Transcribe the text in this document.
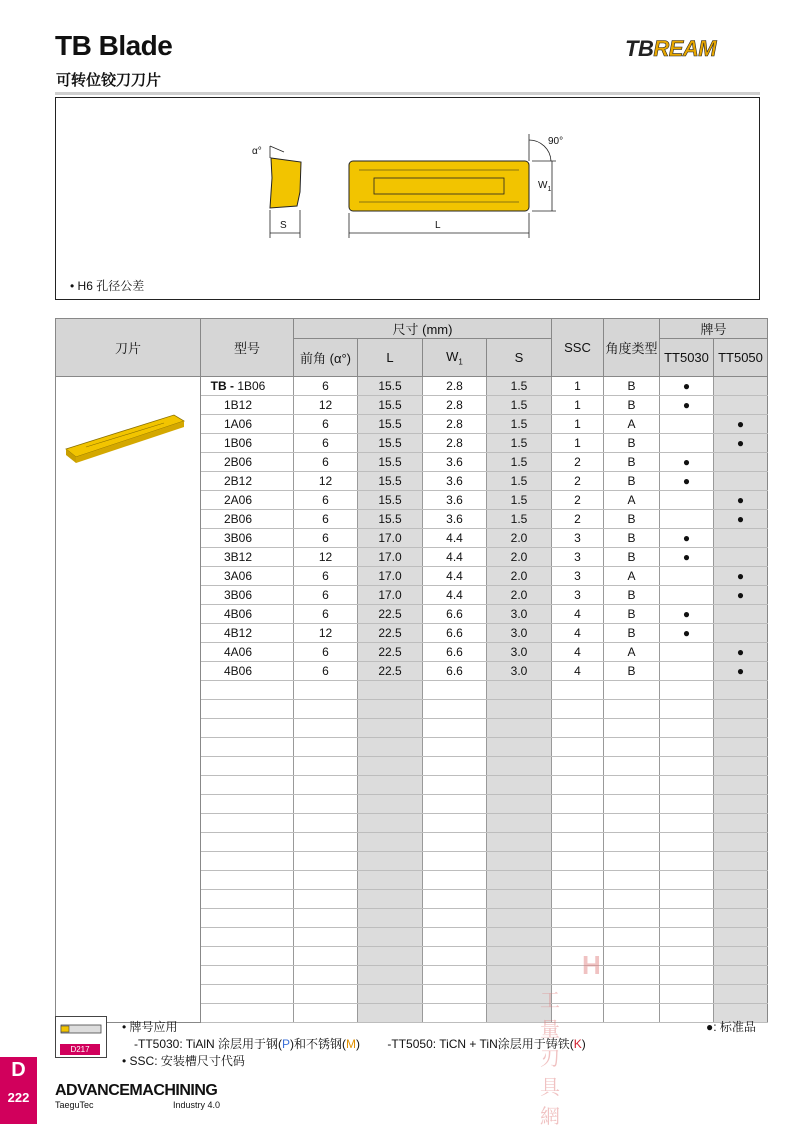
TB Blade
可转位铰刀刀片
TBREAM
α°
90°
S	L
$W_1$
• H6 孔径公差
刀片	型号	尺寸 (mm)				SSC	角度类型	牌号	
		前角 (α°)	L	$W_1$	S			TT5030	TT5050
	TB - 1B06	6	15.5	2.8	1.5	1	B	●	
	1B12	12	15.5	2.8	1.5	1	B	●	
	1A06	6	15.5	2.8	1.5	1	A		●
	1B06	6	15.5	2.8	1.5	1	B		●
	2B06	6	15.5	3.6	1.5	2	B	●	
	2B12	12	15.5	3.6	1.5	2	B	●	
	2A06	6	15.5	3.6	1.5	2	A		●
	2B06	6	15.5	3.6	1.5	2	B		●
	3B06	6	17.0	4.4	2.0	3	B	●	
	3B12	12	17.0	4.4	2.0	3	B	●	
	3A06	6	17.0	4.4	2.0	3	A		●
	3B06	6	17.0	4.4	2.0	3	B		●
	4B06	6	22.5	6.6	3.0	4	B	●	
	4B12	12	22.5	6.6	3.0	4	B	●	
	4A06	6	22.5	6.6	3.0	4	A		●
	4B06	6	22.5	6.6	3.0	4	B		●

H
工量刃具網
D217
• 牌号应用
-TT5030: TiAlN 涂层用于钢(P)和不锈钢(M) -TT5050: TiCN + TiN涂层用于铸铁(K)
• SSC: 安装槽尺寸代码
●: 标准品
D
222	ADVANCEMACHINING
TaeguTec	Industry 4.0
